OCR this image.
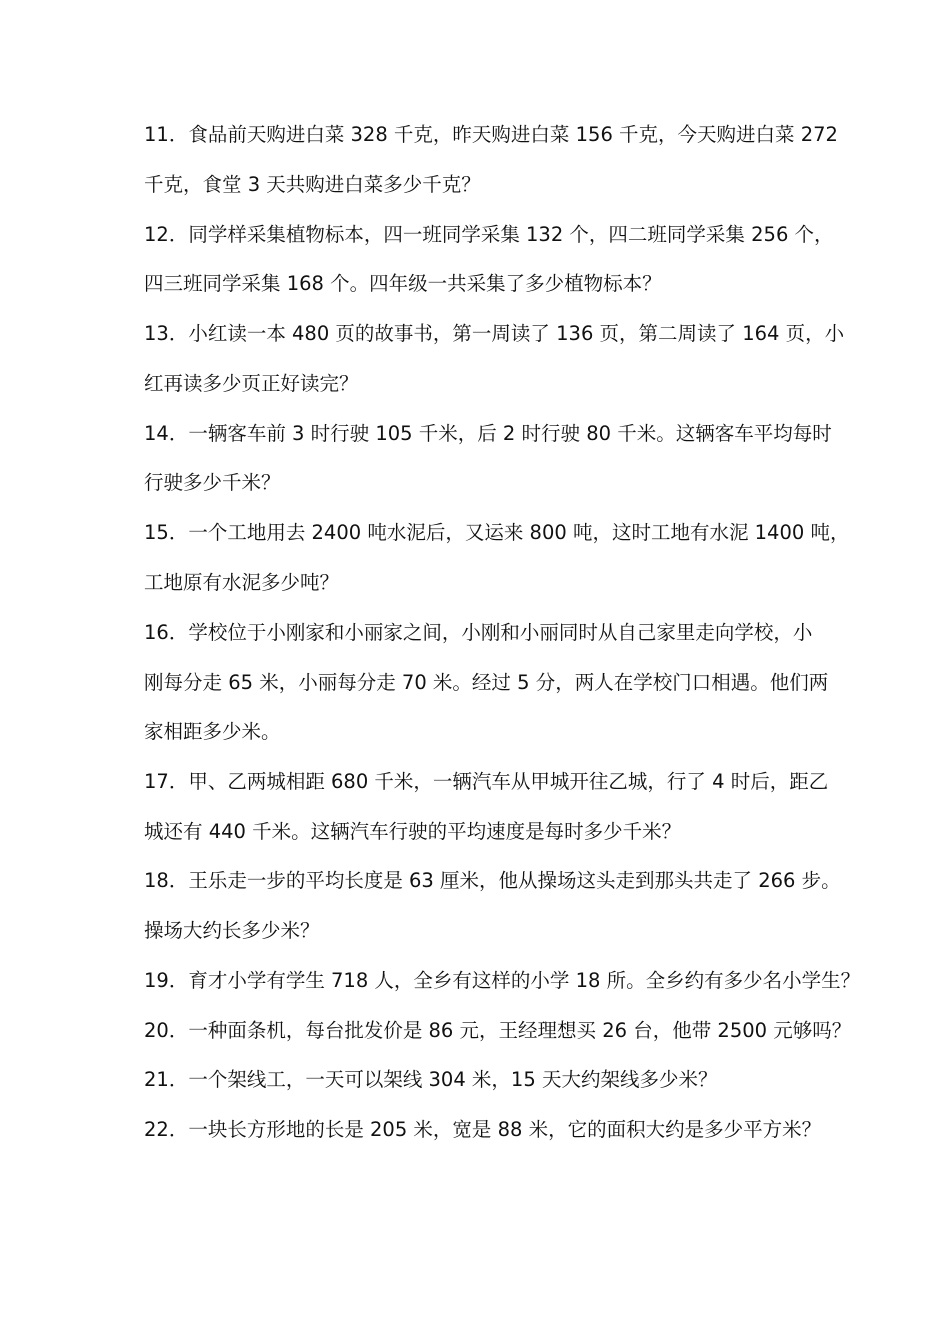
11．食品前天购进白菜 328 千克，昨天购进白菜 156 千克，今天购进白菜 272
千克，食堂 3 天共购进白菜多少千克？
12．同学样采集植物标本，四一班同学采集 132 个，四二班同学采集 256 个，
四三班同学采集 168 个。四年级一共采集了多少植物标本？
13．小红读一本 480 页的故事书，第一周读了 136 页，第二周读了 164 页，小
红再读多少页正好读完？
14．一辆客车前 3 时行驶 105 千米，后 2 时行驶 80 千米。这辆客车平均每时
行驶多少千米？
15．一个工地用去 2400 吨水泥后，又运来 800 吨，这时工地有水泥 1400 吨，
工地原有水泥多少吨？
16．学校位于小刚家和小丽家之间，小刚和小丽同时从自己家里走向学校，小
刚每分走 65 米，小丽每分走 70 米。经过 5 分，两人在学校门口相遇。他们两
家相距多少米。
17．甲、乙两城相距 680 千米，一辆汽车从甲城开往乙城，行了 4 时后，距乙
城还有 440 千米。这辆汽车行驶的平均速度是每时多少千米？
18．王乐走一步的平均长度是 63 厘米，他从操场这头走到那头共走了 266 步。
操场大约长多少米？
19．育才小学有学生 718 人，全乡有这样的小学 18 所。全乡约有多少名小学生？
20．一种面条机，每台批发价是 86 元，王经理想买 26 台，他带 2500 元够吗？
21．一个架线工，一天可以架线 304 米，15 天大约架线多少米？
22．一块长方形地的长是 205 米，宽是 88 米，它的面积大约是多少平方米？
